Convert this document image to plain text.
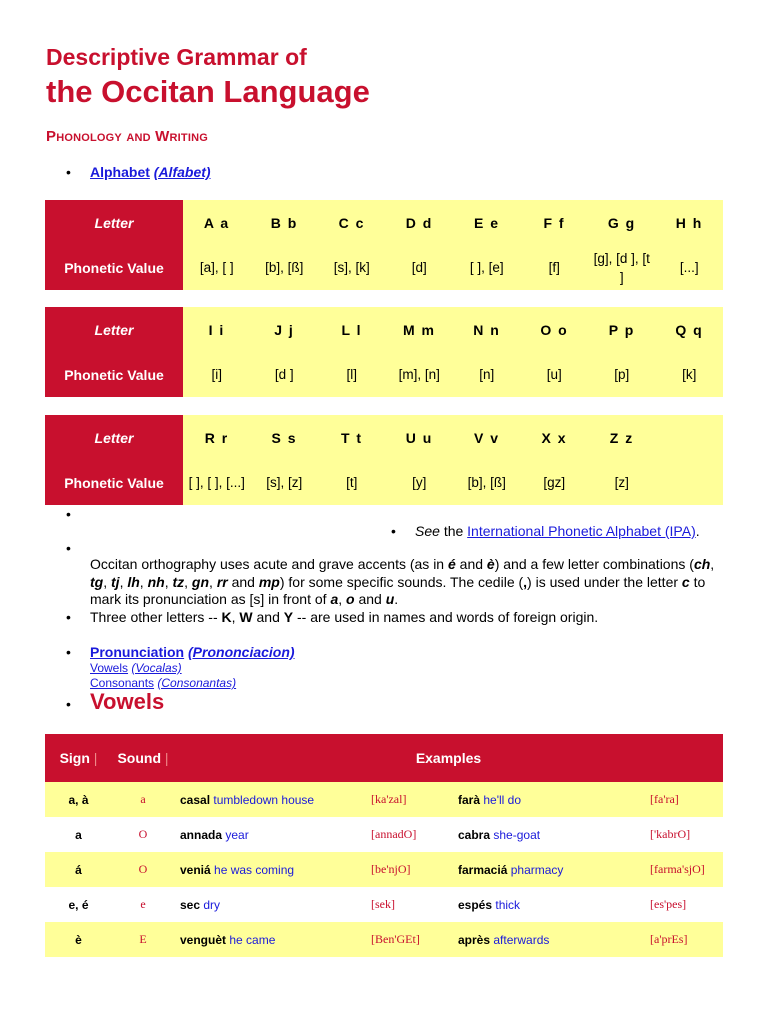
Descriptive Grammar of
the Occitan Language
Phonology and Writing
• Alphabet (Alfabet)
Letter	A a	B b	C c	D d	E e	F f	G g	H h
Phonetic Value	[a], [ ]	[b], [ß]	[s], [k]	[d]	[ ], [e]	[f]	[g], [d ], [t ]	[...]
Letter	I i	J j	L l	M m	N n	O o	P p	Q q
Phonetic Value	[i]	[d ]	[l]	[m], [n]	[n]	[u]	[p]	[k]
Letter	R r	S s	T t	U u	V v	X x	Z z	
Phonetic Value	[ ], [ ], [...]	[s], [z]	[t]	[y]	[b], [ß]	[gz]	[z]	
•
• See the International Phonetic Alphabet (IPA).
•
Occitan orthography uses acute and grave accents (as in é and è) and a few letter combinations (ch, tg, tj, lh, nh, tz, gn, rr and mp) for some specific sounds. The cedile (,) is used under the letter c to mark its pronunciation as [s] in front of a, o and u.
• Three other letters -- K, W and Y -- are used in names and words of foreign origin.
• Pronunciation (Prononciacion)
Vowels (Vocalas)
Consonants (Consonantas)
• Vowels
Sign |	Sound |	Examples			
a, à	a	casal tumbledown house	[ka'zal]	farà he'll do	[fa'ra]
a	O	annada year	[annadO]	cabra she-goat	['kabrO]
á	O	veniá he was coming	[be'njO]	farmaciá pharmacy	[farma'sjO]
e, é	e	sec dry	[sek]	espés thick	[es'pes]
è	E	venguèt he came	[Ben'GEt]	après afterwards	[a'prEs]
